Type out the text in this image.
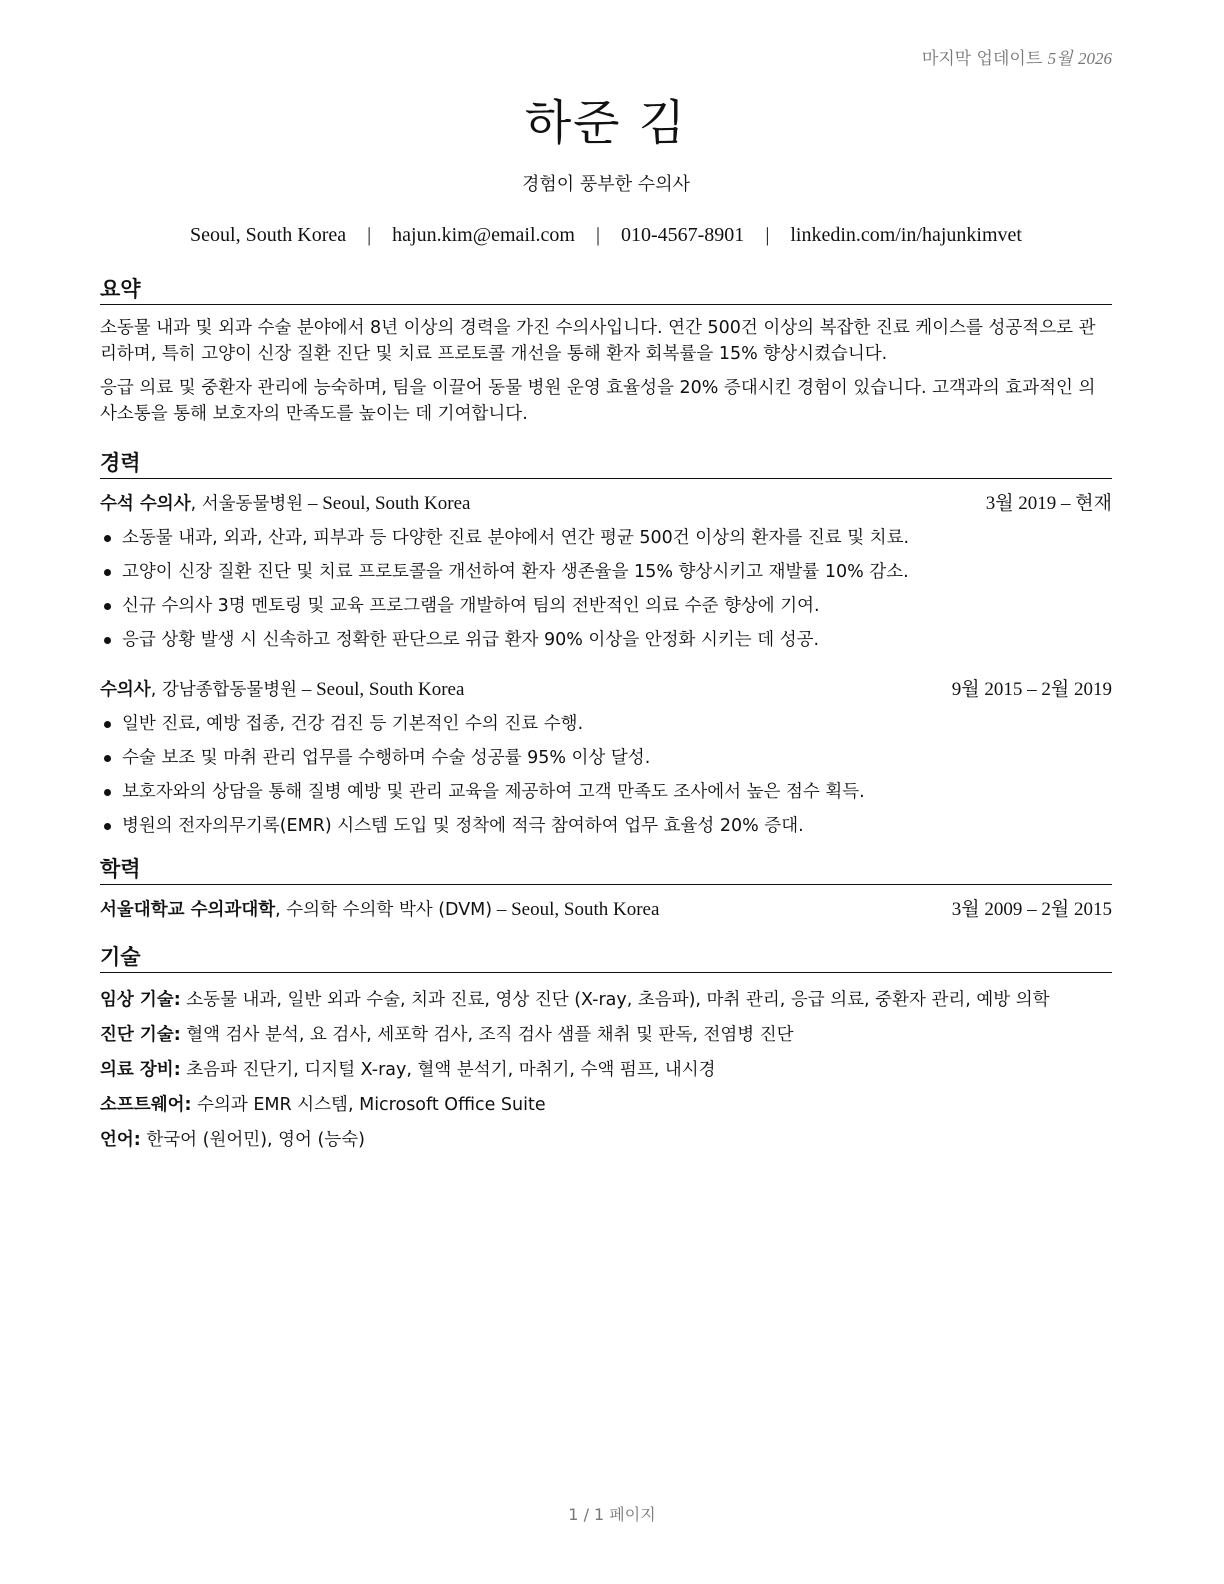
마지막 업데이트 5월 2026
하준 김
경험이 풍부한 수의사
Seoul, South Korea | hajun.kim@email.com | 010-4567-8901 | linkedin.com/in/hajunkimvet
요약

소동물 내과 및 외과 수술 분야에서 8년 이상의 경력을 가진 수의사입니다. 연간 500건 이상의 복잡한 진료 케이스를 성공적으로 관리하며, 특히 고양이 신장 질환 진단 및 치료 프로토콜 개선을 통해 환자 회복률을 15% 향상시켰습니다.

응급 의료 및 중환자 관리에 능숙하며, 팀을 이끌어 동물 병원 운영 효율성을 20% 증대시킨 경험이 있습니다. 고객과의 효과적인 의사소통을 통해 보호자의 만족도를 높이는 데 기여합니다.

경력
수석 수의사, 서울동물병원 – Seoul, South Korea	3월 2019 – 현재
소동물 내과, 외과, 산과, 피부과 등 다양한 진료 분야에서 연간 평균 500건 이상의 환자를 진료 및 치료.
고양이 신장 질환 진단 및 치료 프로토콜을 개선하여 환자 생존율을 15% 향상시키고 재발률 10% 감소.
신규 수의사 3명 멘토링 및 교육 프로그램을 개발하여 팀의 전반적인 의료 수준 향상에 기여.
응급 상황 발생 시 신속하고 정확한 판단으로 위급 환자 90% 이상을 안정화 시키는 데 성공.
수의사, 강남종합동물병원 – Seoul, South Korea	9월 2015 – 2월 2019
일반 진료, 예방 접종, 건강 검진 등 기본적인 수의 진료 수행.
수술 보조 및 마취 관리 업무를 수행하며 수술 성공률 95% 이상 달성.
보호자와의 상담을 통해 질병 예방 및 관리 교육을 제공하여 고객 만족도 조사에서 높은 점수 획득.
병원의 전자의무기록(EMR) 시스템 도입 및 정착에 적극 참여하여 업무 효율성 20% 증대.
학력
서울대학교 수의과대학, 수의학 수의학 박사 (DVM) – Seoul, South Korea	3월 2009 – 2월 2015
기술
임상 기술: 소동물 내과, 일반 외과 수술, 치과 진료, 영상 진단 (X-ray, 초음파), 마취 관리, 응급 의료, 중환자 관리, 예방 의학
진단 기술: 혈액 검사 분석, 요 검사, 세포학 검사, 조직 검사 샘플 채취 및 판독, 전염병 진단
의료 장비: 초음파 진단기, 디지털 X-ray, 혈액 분석기, 마취기, 수액 펌프, 내시경
소프트웨어: 수의과 EMR 시스템, Microsoft Office Suite
언어: 한국어 (원어민), 영어 (능숙)
1 / 1 페이지
